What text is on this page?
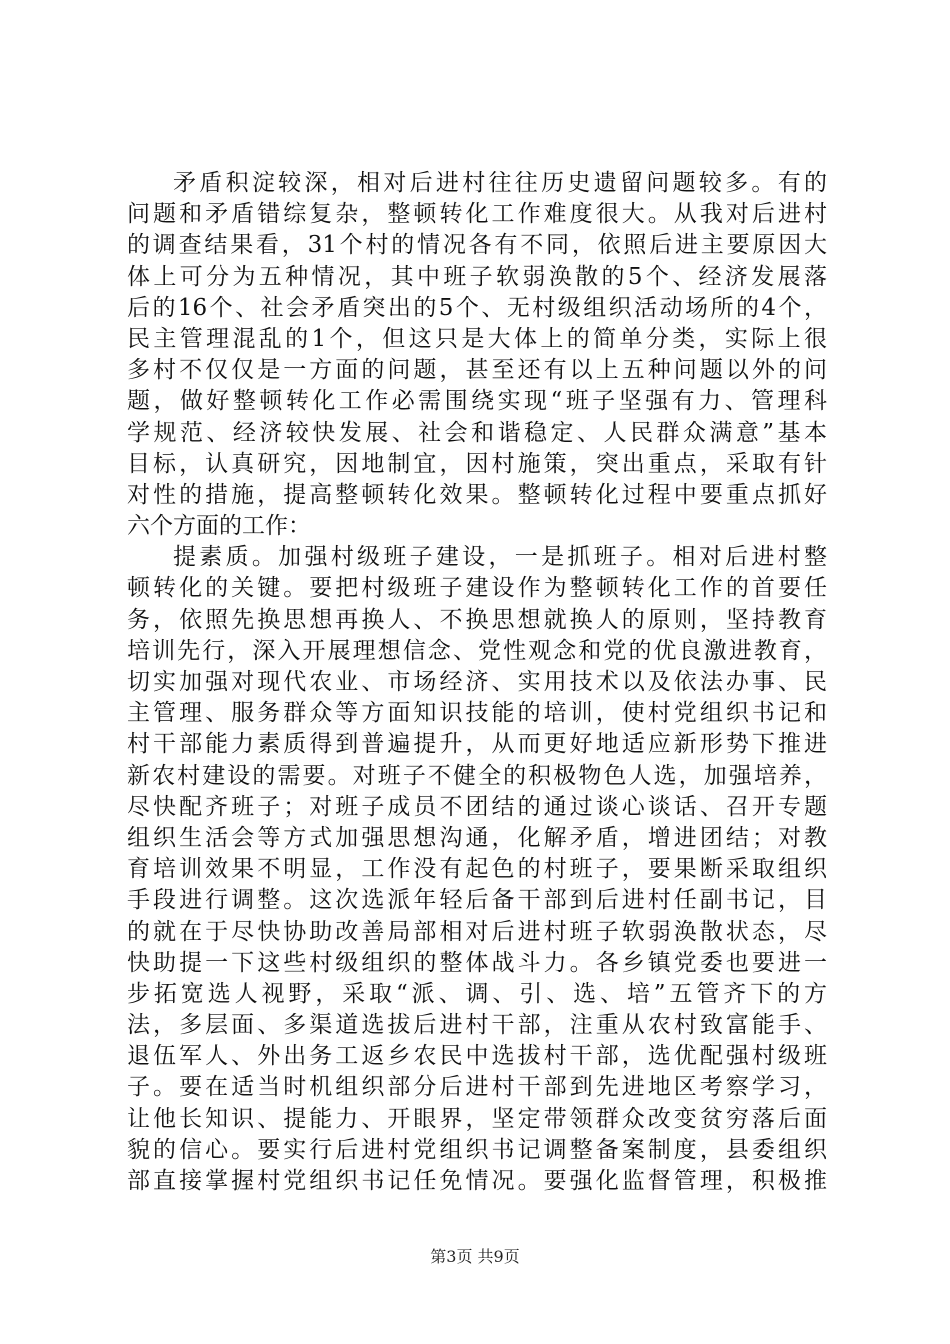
矛盾积淀较深，相对后进村往往历史遗留问题较多。有的
问题和矛盾错综复杂，整顿转化工作难度很大。从我对后进村
的调查结果看，31个村的情况各有不同，依照后进主要原因大
体上可分为五种情况，其中班子软弱涣散的5个、经济发展落
后的16个、社会矛盾突出的5个、无村级组织活动场所的4个，
民主管理混乱的1个，但这只是大体上的简单分类，实际上很
多村不仅仅是一方面的问题，甚至还有以上五种问题以外的问
题，做好整顿转化工作必需围绕实现“班子坚强有力、管理科
学规范、经济较快发展、社会和谐稳定、人民群众满意”基本
目标，认真研究，因地制宜，因村施策，突出重点，采取有针
对性的措施，提高整顿转化效果。整顿转化过程中要重点抓好
六个方面的工作：
提素质。加强村级班子建设，一是抓班子。相对后进村整
顿转化的关键。要把村级班子建设作为整顿转化工作的首要任
务，依照先换思想再换人、不换思想就换人的原则，坚持教育
培训先行，深入开展理想信念、党性观念和党的优良激进教育，
切实加强对现代农业、市场经济、实用技术以及依法办事、民
主管理、服务群众等方面知识技能的培训，使村党组织书记和
村干部能力素质得到普遍提升，从而更好地适应新形势下推进
新农村建设的需要。对班子不健全的积极物色人选，加强培养，
尽快配齐班子；对班子成员不团结的通过谈心谈话、召开专题
组织生活会等方式加强思想沟通，化解矛盾，增进团结；对教
育培训效果不明显，工作没有起色的村班子，要果断采取组织
手段进行调整。这次选派年轻后备干部到后进村任副书记，目
的就在于尽快协助改善局部相对后进村班子软弱涣散状态，尽
快助提一下这些村级组织的整体战斗力。各乡镇党委也要进一
步拓宽选人视野，采取“派、调、引、选、培”五管齐下的方
法，多层面、多渠道选拔后进村干部，注重从农村致富能手、
退伍军人、外出务工返乡农民中选拔村干部，选优配强村级班
子。要在适当时机组织部分后进村干部到先进地区考察学习，
让他长知识、提能力、开眼界，坚定带领群众改变贫穷落后面
貌的信心。要实行后进村党组织书记调整备案制度，县委组织
部直接掌握村党组织书记任免情况。要强化监督管理，积极推
第3页 共9页
